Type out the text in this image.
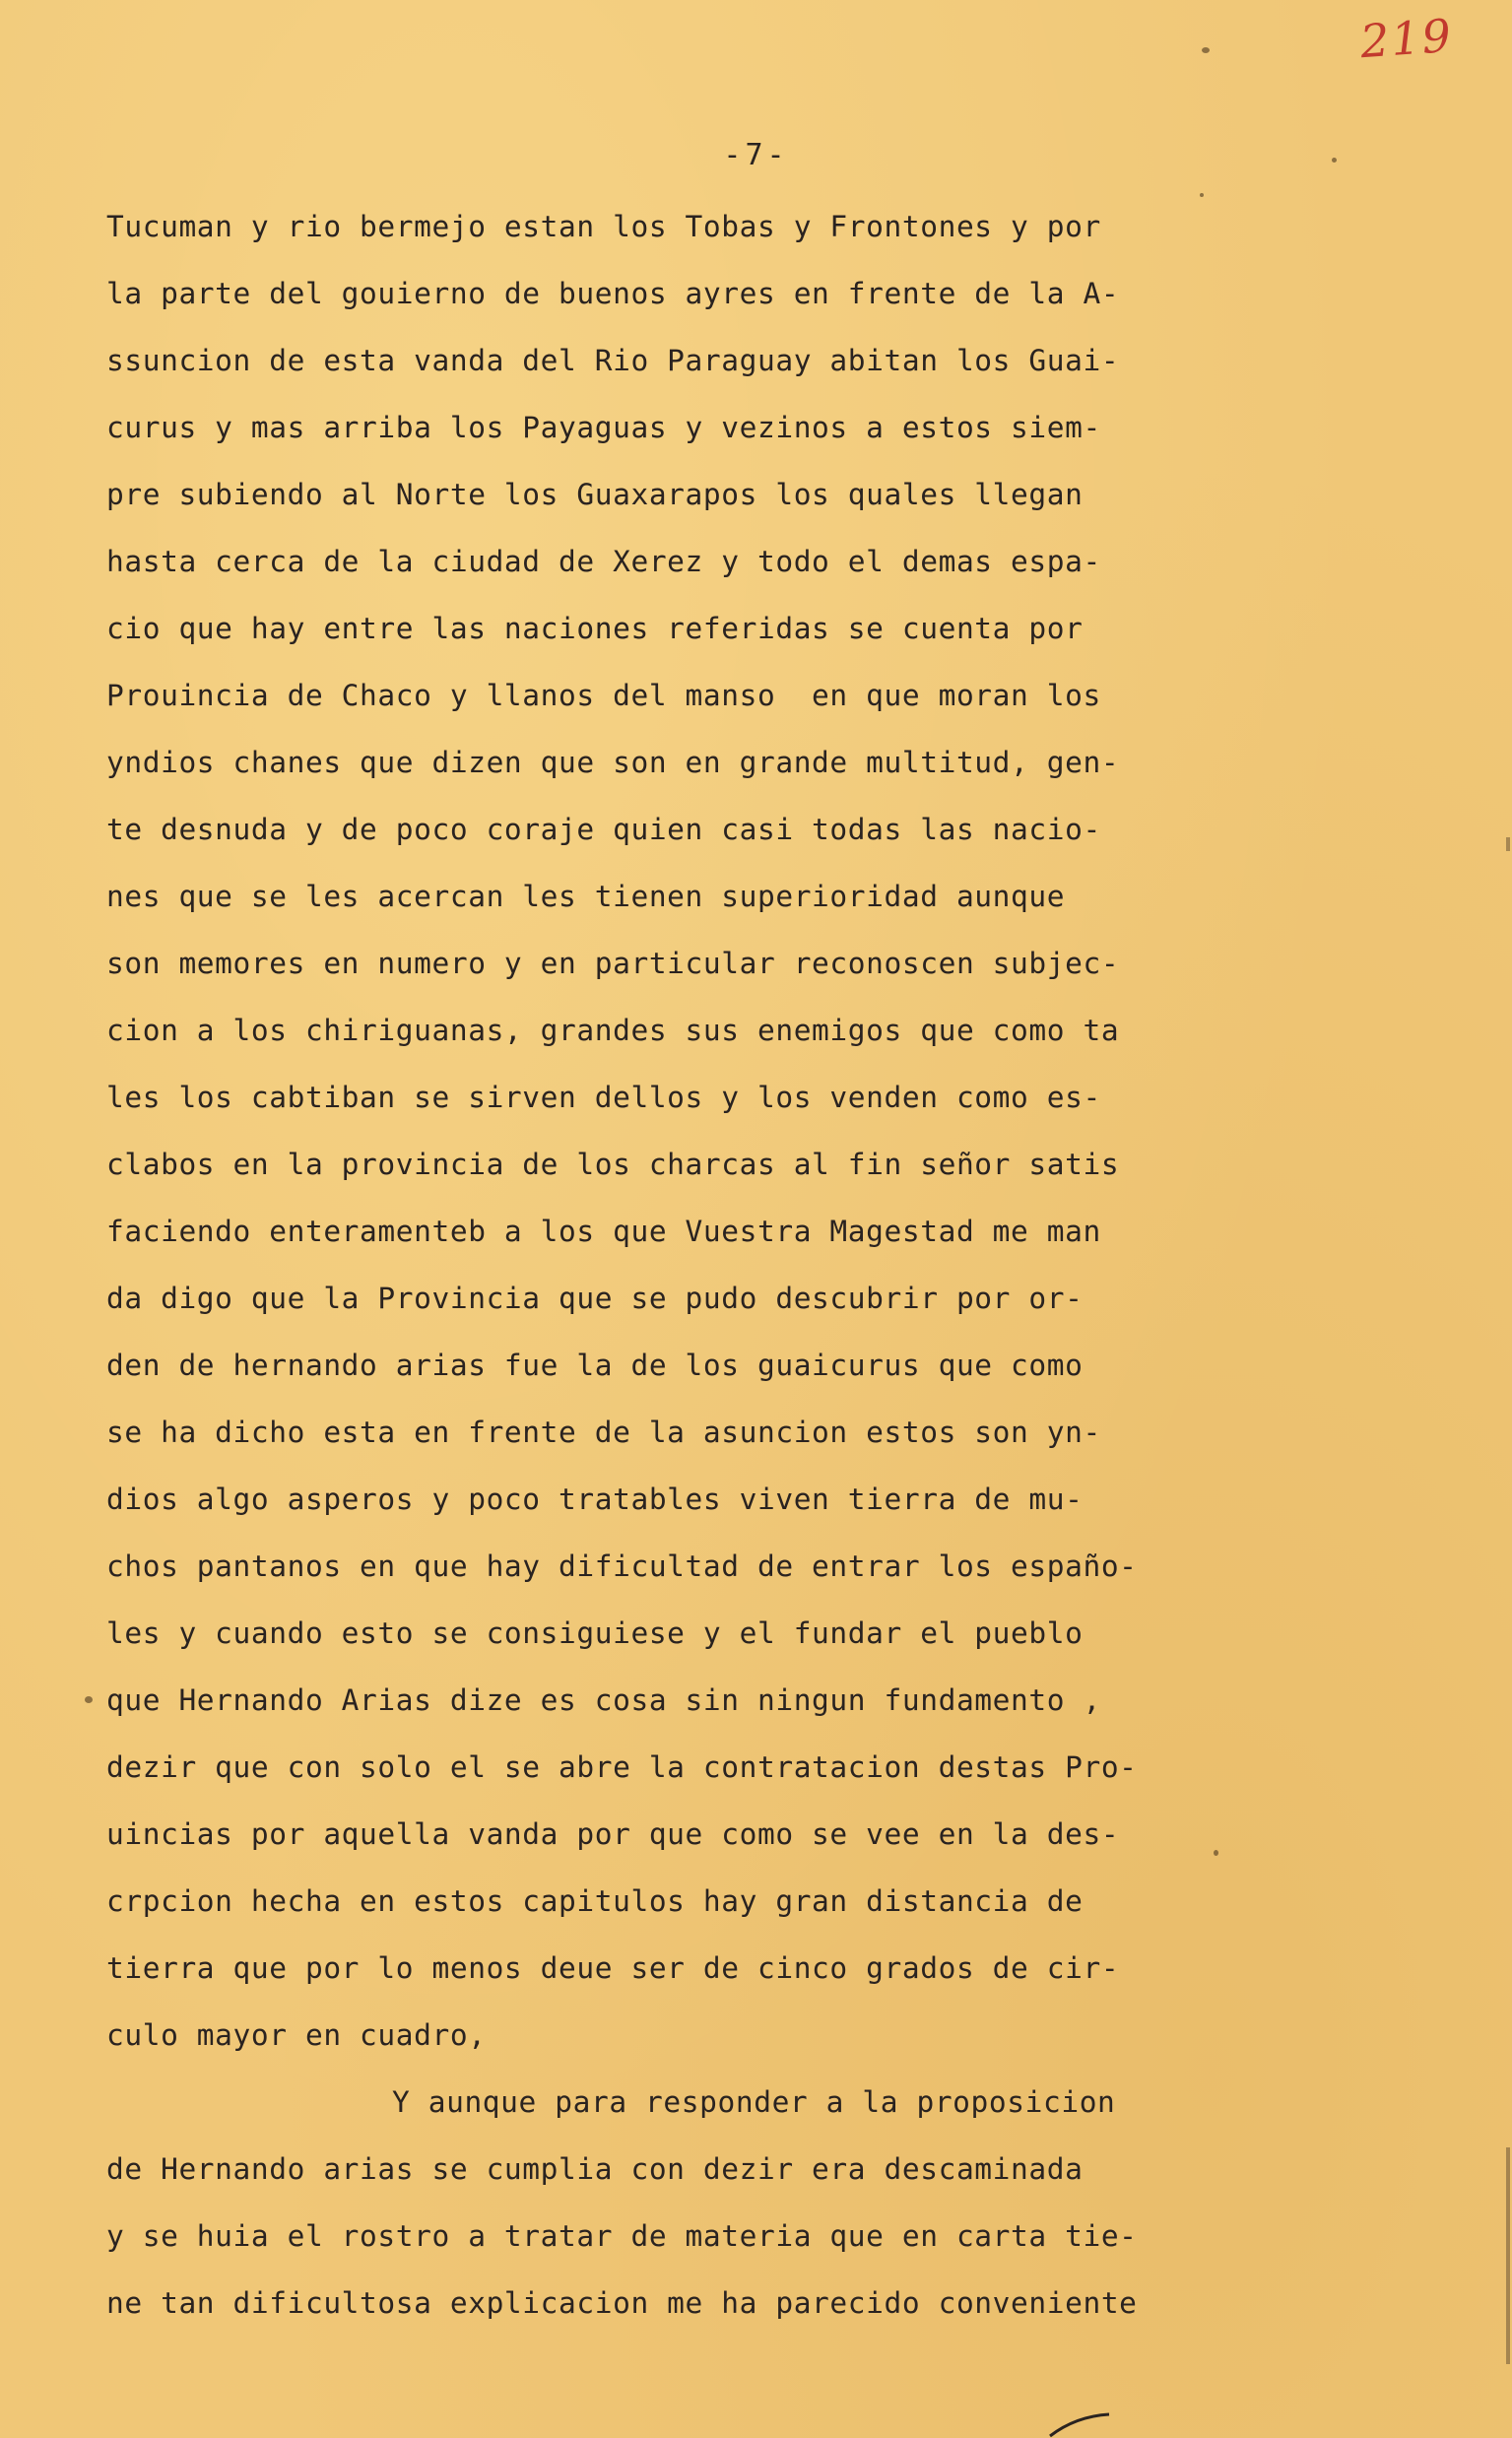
219
-7-
Tucuman y rio bermejo estan los Tobas y Frontones y por
la parte del gouierno de buenos ayres en frente de la A-
ssuncion de esta vanda del Rio Paraguay abitan los Guai-
curus y mas arriba los Payaguas y vezinos a estos siem-
pre subiendo al Norte los Guaxarapos los quales llegan
hasta cerca de la ciudad de Xerez y todo el demas espa-
cio que hay entre las naciones referidas se cuenta por
Prouincia de Chaco y llanos del manso  en que moran los
yndios chanes que dizen que son en grande multitud, gen-
te desnuda y de poco coraje quien casi todas las nacio-
nes que se les acercan les tienen superioridad aunque
son memores en numero y en particular reconoscen subjec-
cion a los chiriguanas, grandes sus enemigos que como ta
les los cabtiban se sirven dellos y los venden como es-
clabos en la provincia de los charcas al fin señor satis
faciendo enteramenteb a los que Vuestra Magestad me man
da digo que la Provincia que se pudo descubrir por or-
den de hernando arias fue la de los guaicurus que como
se ha dicho esta en frente de la asuncion estos son yn-
dios algo asperos y poco tratables viven tierra de mu-
chos pantanos en que hay dificultad de entrar los españo-
les y cuando esto se consiguiese y el fundar el pueblo
que Hernando Arias dize es cosa sin ningun fundamento ,
dezir que con solo el se abre la contratacion destas Pro-
uincias por aquella vanda por que como se vee en la des-
crpcion hecha en estos capitulos hay gran distancia de
tierra que por lo menos deue ser de cinco grados de cir-
culo mayor en cuadro,
Y aunque para responder a la proposicion
de Hernando arias se cumplia con dezir era descaminada
y se huia el rostro a tratar de materia que en carta tie-
ne tan dificultosa explicacion me ha parecido conveniente
